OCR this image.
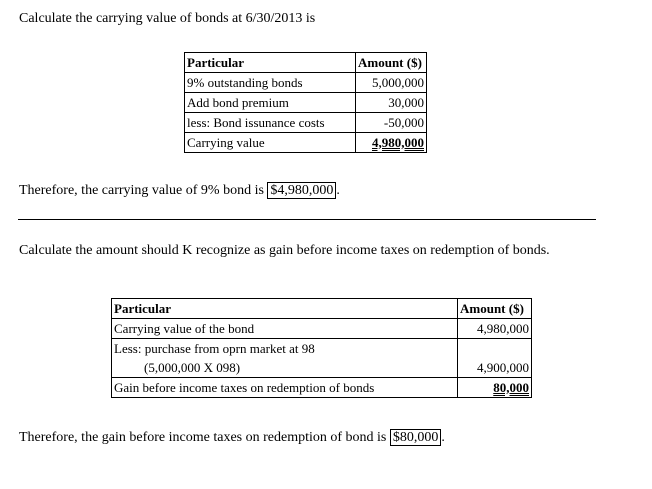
Calculate the carrying value of bonds at 6/30/2013 is
Particular	Amount ($)
9% outstanding bonds	5,000,000
Add bond premium	30,000
less: Bond issunance costs	-50,000
Carrying value	4,980,000
Therefore, the carrying value of 9% bond is $4,980,000 .
Calculate the amount should K recognize as gain before income taxes on redemption of bonds.
Particular	Amount ($)
Carrying value of the bond	4,980,000
Less: purchase from oprn market at 98	
(5,000,000 X 098)	4,900,000
Gain before income taxes on redemption of bonds	80,000
Therefore, the gain before income taxes on redemption of bond is $80,000 .
